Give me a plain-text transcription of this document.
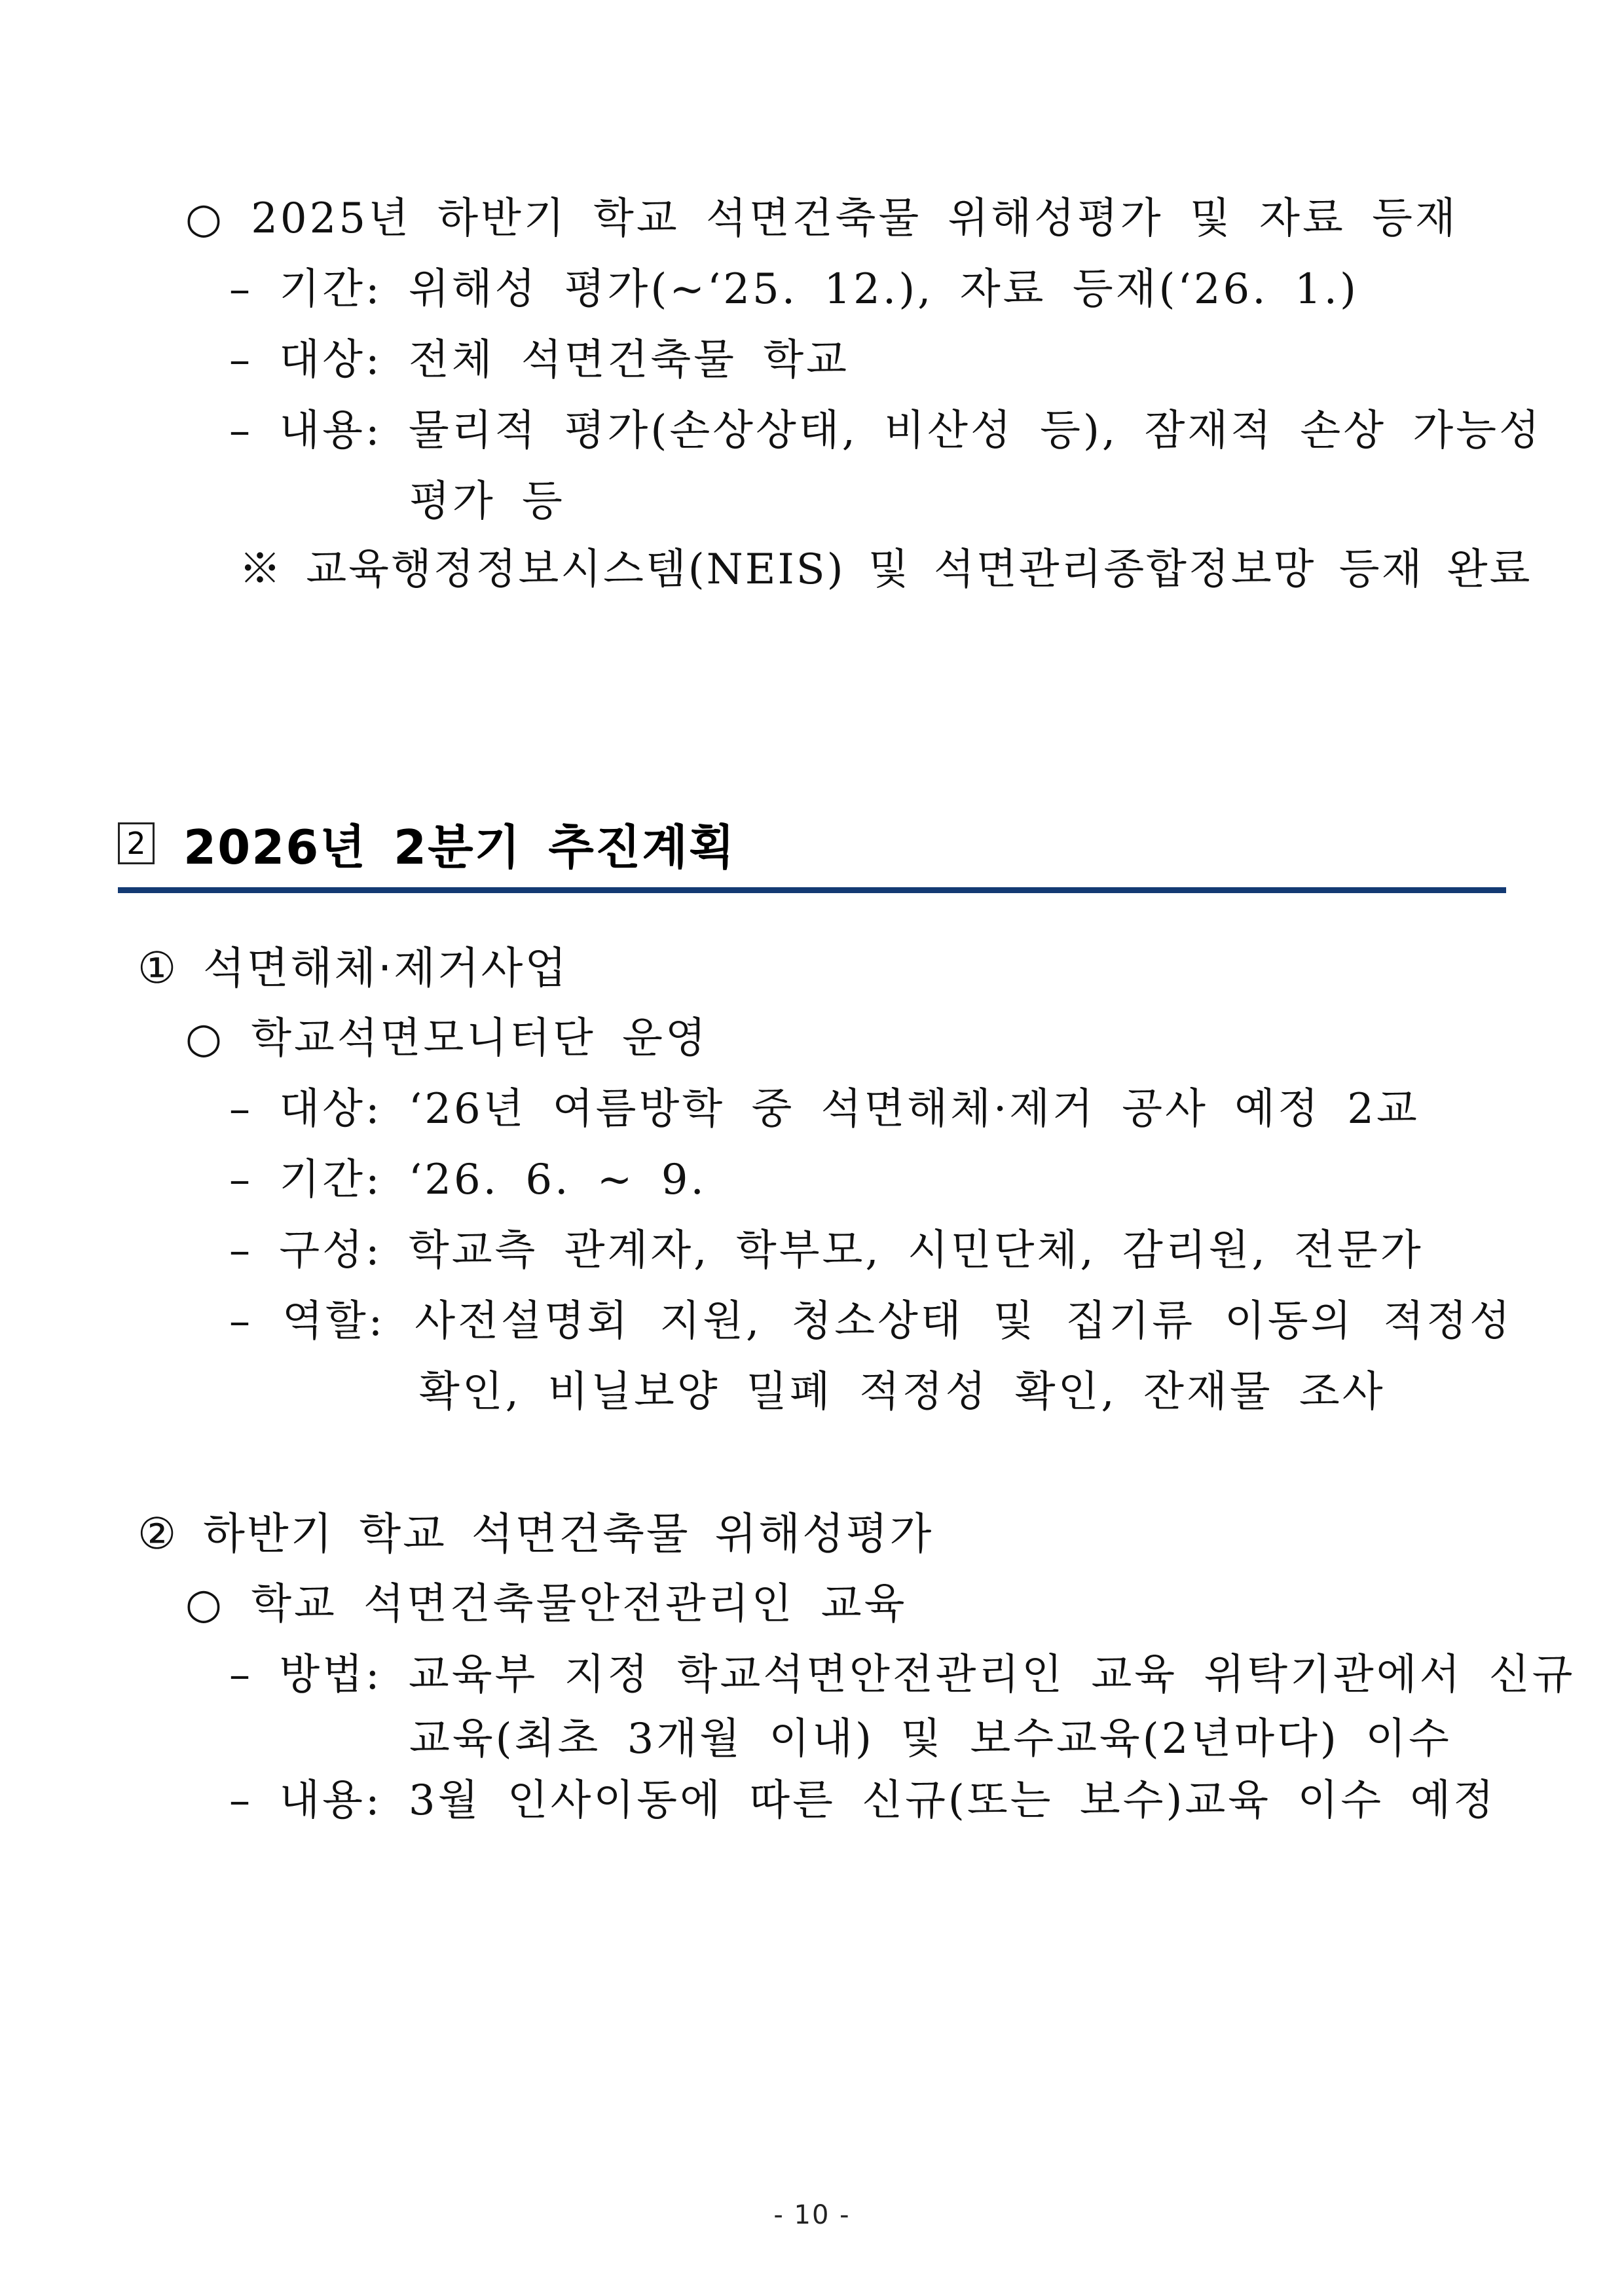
○ 2025년 하반기 학교 석면건축물 위해성평가 및 자료 등재
– 기간: 위해성 평가(~‘25. 12.), 자료 등재(‘26. 1.)
– 대상: 전체 석면건축물 학교
– 내용: 물리적 평가(손상상태, 비산성 등), 잠재적 손상 가능성
평가 등
※ 교육행정정보시스템(NEIS) 및 석면관리종합정보망 등재 완료
2 2026년 2분기 추진계획
① 석면해체·제거사업
○ 학교석면모니터단 운영
– 대상: ‘26년 여름방학 중 석면해체·제거 공사 예정 2교
– 기간: ‘26. 6. ~ 9.
– 구성: 학교측 관계자, 학부모, 시민단체, 감리원, 전문가
– 역할: 사전설명회 지원, 청소상태 및 집기류 이동의 적정성
확인, 비닐보양 밀폐 적정성 확인, 잔재물 조사
② 하반기 학교 석면건축물 위해성평가
○ 학교 석면건축물안전관리인 교육
– 방법: 교육부 지정 학교석면안전관리인 교육 위탁기관에서 신규
교육(최초 3개월 이내) 및 보수교육(2년마다) 이수
– 내용: 3월 인사이동에 따른 신규(또는 보수)교육 이수 예정
- 10 -
